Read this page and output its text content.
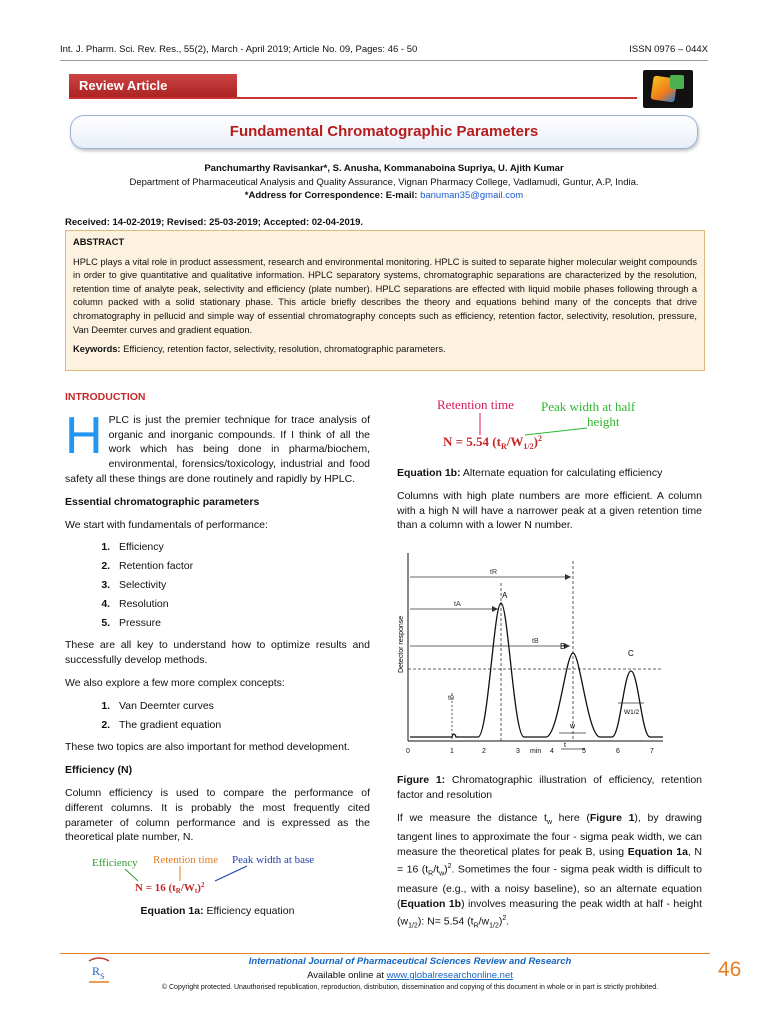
Int. J. Pharm. Sci. Rev. Res., 55(2), March - April 2019; Article No. 09, Pages: 46 - 50	ISSN 0976 – 044X
Review Article
Fundamental Chromatographic Parameters
Panchumarthy Ravisankar*, S. Anusha, Kommanaboina Supriya, U. Ajith Kumar
Department of Pharmaceutical Analysis and Quality Assurance, Vignan Pharmacy College, Vadlamudi, Guntur, A.P, India.
*Address for Correspondence: E-mail: banuman35@gmail.com
Received: 14-02-2019; Revised: 25-03-2019; Accepted: 02-04-2019.
ABSTRACT

HPLC plays a vital role in product assessment, research and environmental monitoring. HPLC is suited to separate higher molecular weight compounds in order to give quantitative and qualitative information. HPLC separatory systems, chromatographic separations are characterized by the resolution, retention time of analyte peak, selectivity and efficiency (plate number). HPLC separations are effected with liquid mobile phases following through a column packed with a solid stationary phase. This article briefly describes the theory and equations behind many of the concepts that drive chromatography in pellucid and simple way of essential chromatography concepts such as efficiency, retention factor, selectivity, resolution, pressure, Van Deemter curves and gradient equation.

Keywords: Efficiency, retention factor, selectivity, resolution, chromatographic parameters.

INTRODUCTION

HPLC is just the premier technique for trace analysis of organic and inorganic compounds. If I think of all the work which has being done in pharma/biochem, environmental, forensics/toxicology, industrial and food safety all these things are done routinely and rapidly by HPLC.

Essential chromatographic parameters

We start with fundamentals of performance:

1. Efficiency
2. Retention factor
3. Selectivity
4. Resolution
5. Pressure

These are all key to understand how to optimize results and successfully develop methods.

We also explore a few more complex concepts:

1. Van Deemter curves
2. The gradient equation

These two topics are also important for method development.

Efficiency (N)

Column efficiency is used to compare the performance of different columns. It is probably the most frequently cited parameter of column performance and is expressed as the theoretical plate number, N.

Efficiency Retention time Peak width at base
N = 16 $(tR/Wt)^2$

Equation 1a: Efficiency equation

Retention time Peak width at half
height
N = 5.54 $(t_R/W_{1/2})^2$

Equation 1b: Alternate equation for calculating efficiency

Columns with high plate numbers are more efficient. A column with a high N will have a narrower peak at a given retention time than a column with a lower N number.

tR
tA
tB
t0
A
B
C
w
W1/2
t
Detector response
0	1	2	3 min 4	5	6	7

Figure 1: Chromatographic illustration of efficiency, retention factor and resolution

If we measure the distance $t_w$ here (Figure 1), by drawing tangent lines to approximate the four - sigma peak width, we can measure the theoretical plates for peak B, using Equation 1a, N = 16 $(t_R/t_w)^2$. Sometimes the four - sigma peak width is difficult to measure (e.g., with a noisy baseline), so an alternate equation (Equation 1b) involves measuring the peak width at half - height $(w_{1/2})$: N= 5.54 $(t_R/w_{1/2})^2$.

R S
International Journal of Pharmaceutical Sciences Review and Research
Available online at www.globalresearchonline.net
© Copyright protected. Unauthorised republication, reproduction, distribution, dissemination and copying of this document in whole or in part is strictly prohibited.
46
